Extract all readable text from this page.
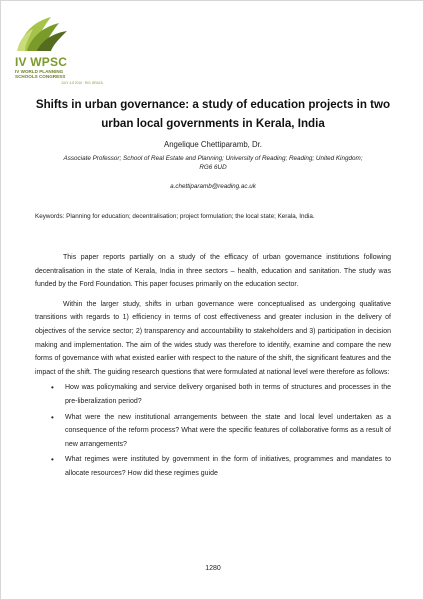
IV WPSC
IV WORLD PLANNING
SCHOOLS CONGRESS
JULY 4-8 2016 · RIO, BRAZIL
Shifts in urban governance: a study of education projects in two urban local governments in Kerala, India
Angelique Chettiparamb, Dr.
Associate Professor; School of Real Estate and Planning; University of Reading; Reading; United Kingdom; RG6 6UD
a.chettiparamb@reading.ac.uk
Keywords: Planning for education; decentralisation; project formulation; the local state; Kerala, India.

This paper reports partially on a study of the efficacy of urban governance institutions following decentralisation in the state of Kerala, India in three sectors – health, education and sanitation. The study was funded by the Ford Foundation. This paper focuses primarily on the education sector.

Within the larger study, shifts in urban governance were conceptualised as undergoing qualitative transitions with regards to 1) efficiency in terms of cost effectiveness and greater inclusion in the delivery of objectives of the service sector; 2) transparency and accountability to stakeholders and 3) participation in decision making and implementation. The aim of the wides study was therefore to identify, examine and compare the new forms of governance with what existed earlier with respect to the nature of the shift, the significant features and the impact of the shift. The guiding research questions that were formulated at national level were therefore as follows:

• How was policymaking and service delivery organised both in terms of structures and processes in the pre-liberalization period?
• What were the new institutional arrangements between the state and local level undertaken as a consequence of the reform process? What were the specific features of collaborative forms as a result of new arrangements?
• What regimes were instituted by government in the form of initiatives, programmes and mandates to allocate resources? How did these regimes guide
1280
